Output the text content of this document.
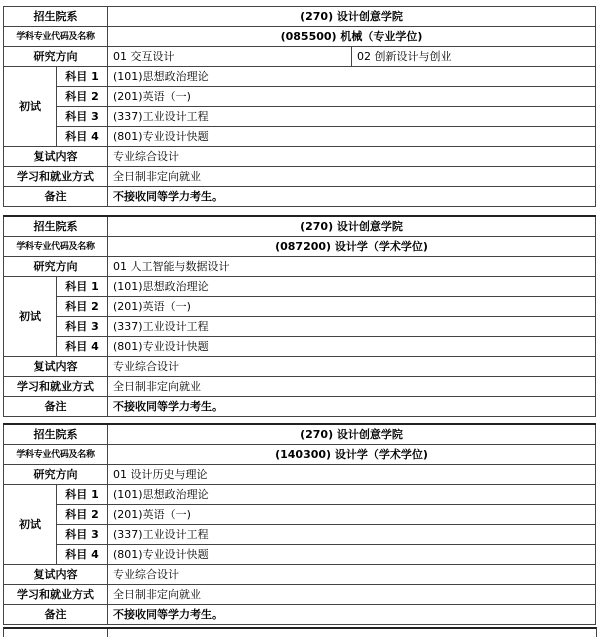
招生院系		(270) 设计创意学院	
学科专业代码及名称		(085500) 机械（专业学位)	
研究方向		01 交互设计	02 创新设计与创业
初试	科目 1	(101)思想政治理论	
	科目 2	(201)英语（一)	
	科目 3	(337)工业设计工程	
	科目 4	(801)专业设计快题	
复试内容		专业综合设计	
学习和就业方式		全日制非定向就业	
备注		不接收同等学力考生。	
招生院系		(270) 设计创意学院
学科专业代码及名称		(087200) 设计学（学术学位)
研究方向		01 人工智能与数据设计
初试	科目 1	(101)思想政治理论
	科目 2	(201)英语（一)
	科目 3	(337)工业设计工程
	科目 4	(801)专业设计快题
复试内容		专业综合设计
学习和就业方式		全日制非定向就业
备注		不接收同等学力考生。
招生院系		(270) 设计创意学院
学科专业代码及名称		(140300) 设计学（学术学位)
研究方向		01 设计历史与理论
初试	科目 1	(101)思想政治理论
	科目 2	(201)英语（一)
	科目 3	(337)工业设计工程
	科目 4	(801)专业设计快题
复试内容		专业综合设计
学习和就业方式		全日制非定向就业
备注		不接收同等学力考生。
